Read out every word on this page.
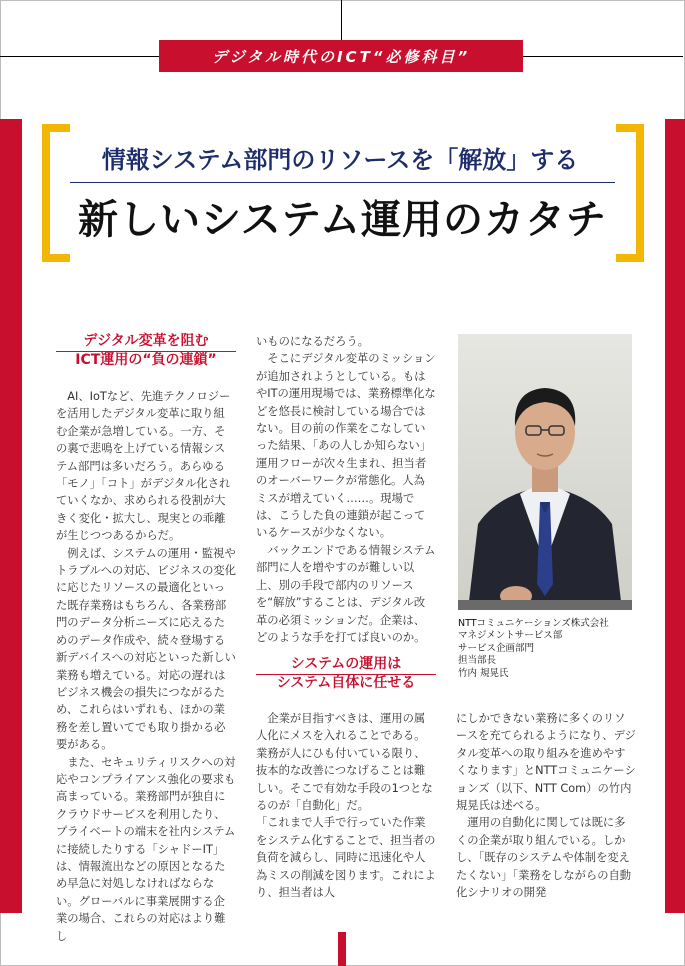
デジタル時代のICT“必修科目”
情報システム部門のリソースを「解放」する
新しいシステム運用のカタチ
デジタル変革を阻む
ICT運用の“負の連鎖”

AI、IoTなど、先進テクノロジーを活用したデジタル変革に取り組む企業が急増している。一方、その裏で悲鳴を上げている情報システム部門は多いだろう。あらゆる「モノ」「コト」がデジタル化されていくなか、求められる役割が大きく変化・拡大し、現実との乖離が生じつつあるからだ。

例えば、システムの運用・監視やトラブルへの対応、ビジネスの変化に応じたリソースの最適化といった既存業務はもちろん、各業務部門のデータ分析ニーズに応えるためのデータ作成や、続々登場する新デバイスへの対応といった新しい業務も増えている。対応の遅れはビジネス機会の損失につながるため、これらはいずれも、ほかの業務を差し置いてでも取り掛かる必要がある。

また、セキュリティリスクへの対応やコンプライアンス強化の要求も高まっている。業務部門が独自にクラウドサービスを利用したり、プライベートの端末を社内システムに接続したりする「シャドーIT」は、情報流出などの原因となるため早急に対処しなければならない。グローバルに事業展開する企業の場合、これらの対応はより難し

いものになるだろう。

そこにデジタル変革のミッションが追加されようとしている。もはやITの運用現場では、業務標準化などを悠長に検討している場合ではない。目の前の作業をこなしていった結果、「あの人しか知らない」運用フローが次々生まれ、担当者のオーバーワークが常態化。人為ミスが増えていく……。現場では、こうした負の連鎖が起こっているケースが少なくない。

バックエンドである情報システム部門に人を増やすのが難しい以上、別の手段で部内のリソースを“解放”することは、デジタル改革の必須ミッションだ。企業は、どのような手を打てば良いのか。

システムの運用は
システム自体に任せる

企業が目指すべきは、運用の属人化にメスを入れることである。業務が人にひも付いている限り、抜本的な改善につなげることは難しい。そこで有効な手段の1つとなるのが「自動化」だ。

「これまで人手で行っていた作業をシステム化することで、担当者の負荷を減らし、同時に迅速化や人為ミスの削減を図ります。これにより、担当者は人

NTTコミュニケーションズ株式会社
マネジメントサービス部
サービス企画部門
担当部長
竹内 規晃氏

にしかできない業務に多くのリソースを充てられるようになり、デジタル変革への取り組みを進めやすくなります」とNTTコミュニケーションズ（以下、NTT Com）の竹内 規晃氏は述べる。

運用の自動化に関しては既に多くの企業が取り組んでいる。しかし、「既存のシステムや体制を変えたくない」「業務をしながらの自動化シナリオの開発
